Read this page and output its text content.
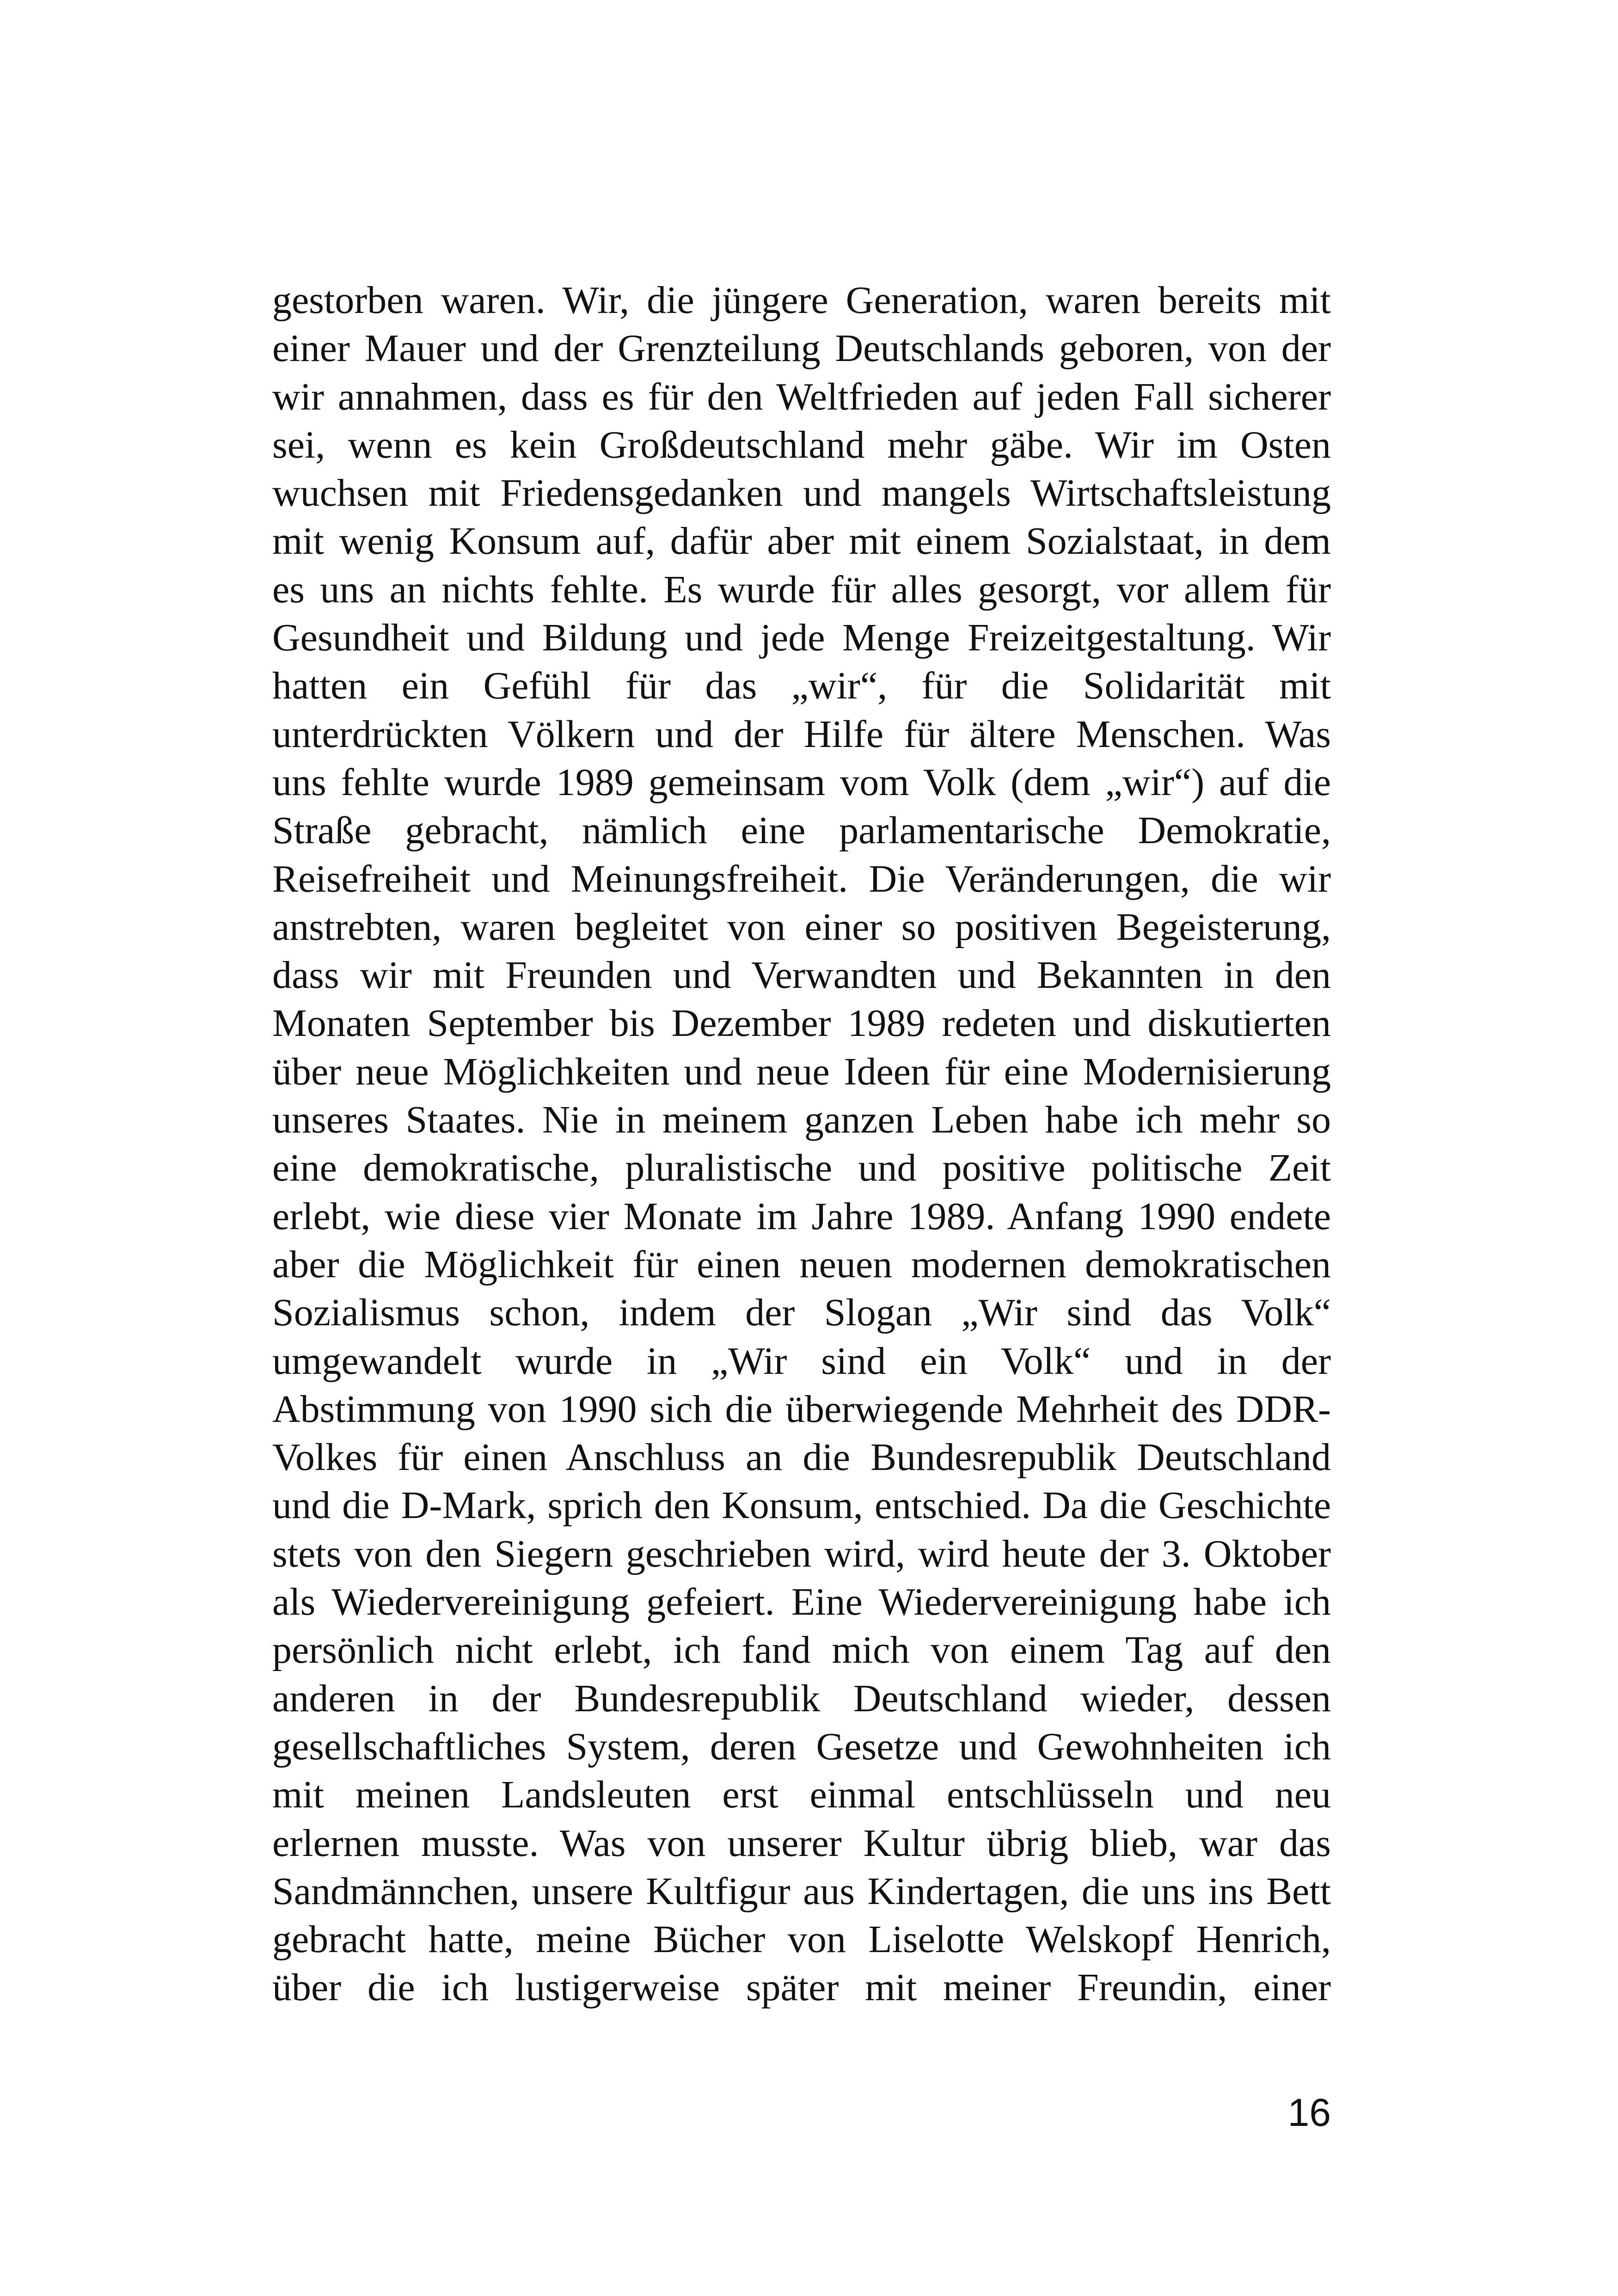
gestorben waren. Wir, die jüngere Generation, waren bereits mit
einer Mauer und der Grenzteilung Deutschlands geboren, von der
wir annahmen, dass es für den Weltfrieden auf jeden Fall sicherer
sei, wenn es kein Großdeutschland mehr gäbe. Wir im Osten
wuchsen mit Friedensgedanken und mangels Wirtschaftsleistung
mit wenig Konsum auf, dafür aber mit einem Sozialstaat, in dem
es uns an nichts fehlte. Es wurde für alles gesorgt, vor allem für
Gesundheit und Bildung und jede Menge Freizeitgestaltung. Wir
hatten ein Gefühl für das „wir“, für die Solidarität mit
unterdrückten Völkern und der Hilfe für ältere Menschen. Was
uns fehlte wurde 1989 gemeinsam vom Volk (dem „wir“) auf die
Straße gebracht, nämlich eine parlamentarische Demokratie,
Reisefreiheit und Meinungsfreiheit. Die Veränderungen, die wir
anstrebten, waren begleitet von einer so positiven Begeisterung,
dass wir mit Freunden und Verwandten und Bekannten in den
Monaten September bis Dezember 1989 redeten und diskutierten
über neue Möglichkeiten und neue Ideen für eine Modernisierung
unseres Staates. Nie in meinem ganzen Leben habe ich mehr so
eine demokratische, pluralistische und positive politische Zeit
erlebt, wie diese vier Monate im Jahre 1989. Anfang 1990 endete
aber die Möglichkeit für einen neuen modernen demokratischen
Sozialismus schon, indem der Slogan „Wir sind das Volk“
umgewandelt wurde in „Wir sind ein Volk“ und in der
Abstimmung von 1990 sich die überwiegende Mehrheit des DDR-
Volkes für einen Anschluss an die Bundesrepublik Deutschland
und die D-Mark, sprich den Konsum, entschied. Da die Geschichte
stets von den Siegern geschrieben wird, wird heute der 3. Oktober
als Wiedervereinigung gefeiert. Eine Wiedervereinigung habe ich
persönlich nicht erlebt, ich fand mich von einem Tag auf den
anderen in der Bundesrepublik Deutschland wieder, dessen
gesellschaftliches System, deren Gesetze und Gewohnheiten ich
mit meinen Landsleuten erst einmal entschlüsseln und neu
erlernen musste. Was von unserer Kultur übrig blieb, war das
Sandmännchen, unsere Kultfigur aus Kindertagen, die uns ins Bett
gebracht hatte, meine Bücher von Liselotte Welskopf Henrich,
über die ich lustigerweise später mit meiner Freundin, einer
16
